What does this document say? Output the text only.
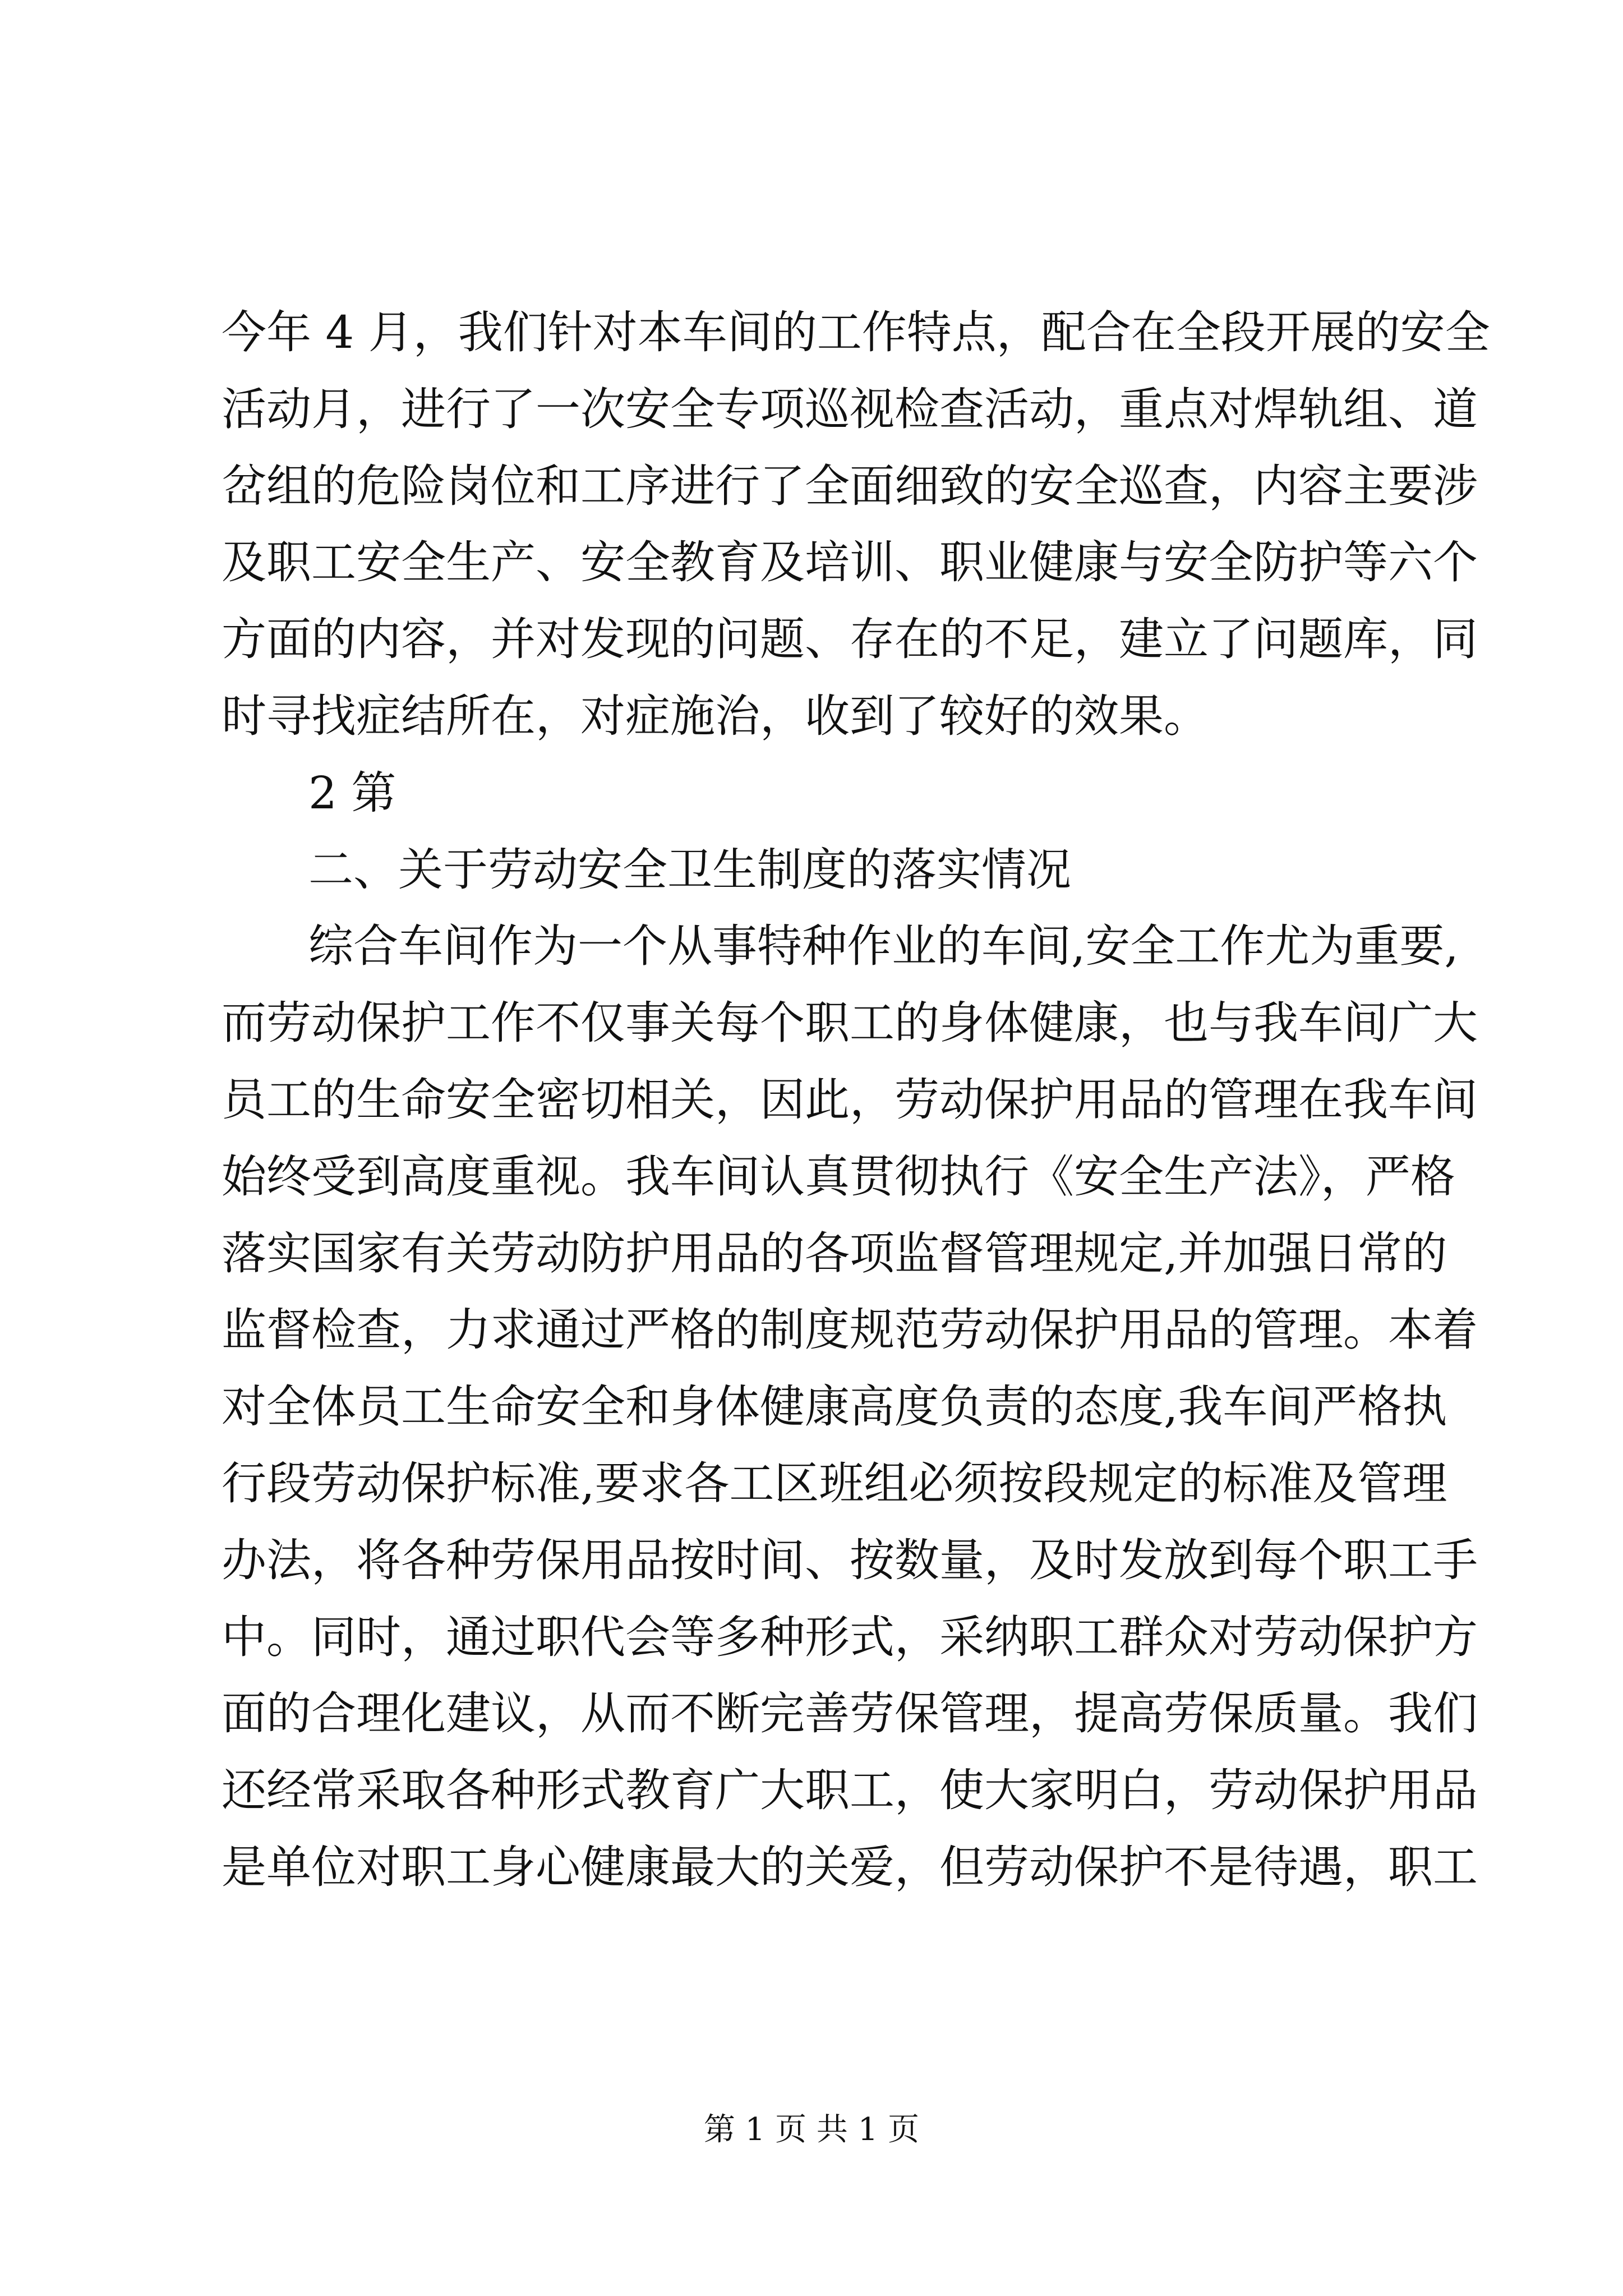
今年 4 月，我们针对本车间的工作特点，配合在全段开展的安全
活动月，进行了一次安全专项巡视检查活动，重点对焊轨组、道
岔组的危险岗位和工序进行了全面细致的安全巡查，内容主要涉
及职工安全生产、安全教育及培训、职业健康与安全防护等六个
方面的内容，并对发现的问题、存在的不足，建立了问题库，同
时寻找症结所在，对症施治，收到了较好的效果。
2 第
二、关于劳动安全卫生制度的落实情况
综合车间作为一个从事特种作业的车间,安全工作尤为重要,
而劳动保护工作不仅事关每个职工的身体健康，也与我车间广大
员工的生命安全密切相关，因此，劳动保护用品的管理在我车间
始终受到高度重视。我车间认真贯彻执行《安全生产法》，严格
落实国家有关劳动防护用品的各项监督管理规定,并加强日常的
监督检查，力求通过严格的制度规范劳动保护用品的管理。本着
对全体员工生命安全和身体健康高度负责的态度,我车间严格执
行段劳动保护标准,要求各工区班组必须按段规定的标准及管理
办法，将各种劳保用品按时间、按数量，及时发放到每个职工手
中。同时，通过职代会等多种形式，采纳职工群众对劳动保护方
面的合理化建议，从而不断完善劳保管理，提高劳保质量。我们
还经常采取各种形式教育广大职工，使大家明白，劳动保护用品
是单位对职工身心健康最大的关爱，但劳动保护不是待遇，职工
第 1 页 共 1 页
